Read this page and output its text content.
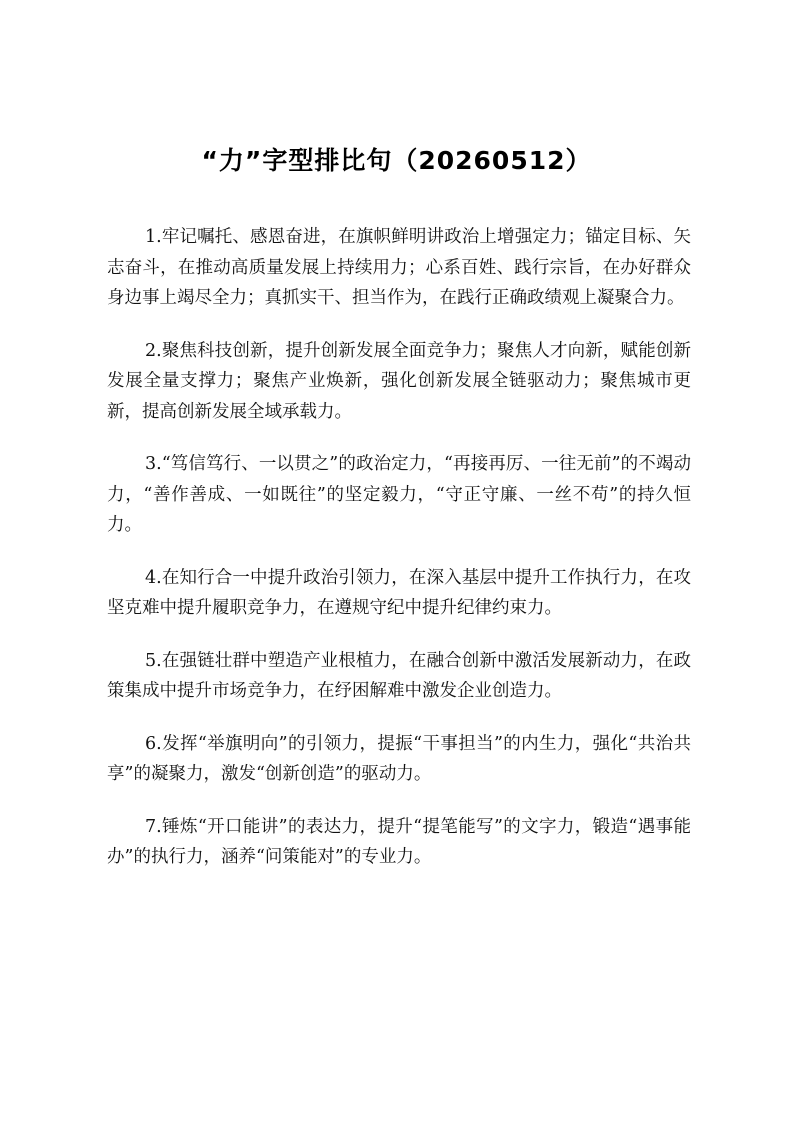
“力”字型排比句（20260512）

1.牢记嘱托、感恩奋进，在旗帜鲜明讲政治上增强定力；锚定目标、矢志奋斗，在推动高质量发展上持续用力；心系百姓、践行宗旨，在办好群众身边事上竭尽全力；真抓实干、担当作为，在践行正确政绩观上凝聚合力。

2.聚焦科技创新，提升创新发展全面竞争力；聚焦人才向新，赋能创新发展全量支撑力；聚焦产业焕新，强化创新发展全链驱动力；聚焦城市更新，提高创新发展全域承载力。

3.“笃信笃行、一以贯之”的政治定力，“再接再厉、一往无前”的不竭动力，“善作善成、一如既往”的坚定毅力，“守正守廉、一丝不苟”的持久恒力。

4.在知行合一中提升政治引领力，在深入基层中提升工作执行力，在攻坚克难中提升履职竞争力，在遵规守纪中提升纪律约束力。

5.在强链壮群中塑造产业根植力，在融合创新中激活发展新动力，在政策集成中提升市场竞争力，在纾困解难中激发企业创造力。

6.发挥“举旗明向”的引领力，提振“干事担当”的内生力，强化“共治共享”的凝聚力，激发“创新创造”的驱动力。

7.锤炼“开口能讲”的表达力，提升“提笔能写”的文字力，锻造“遇事能办”的执行力，涵养“问策能对”的专业力。
